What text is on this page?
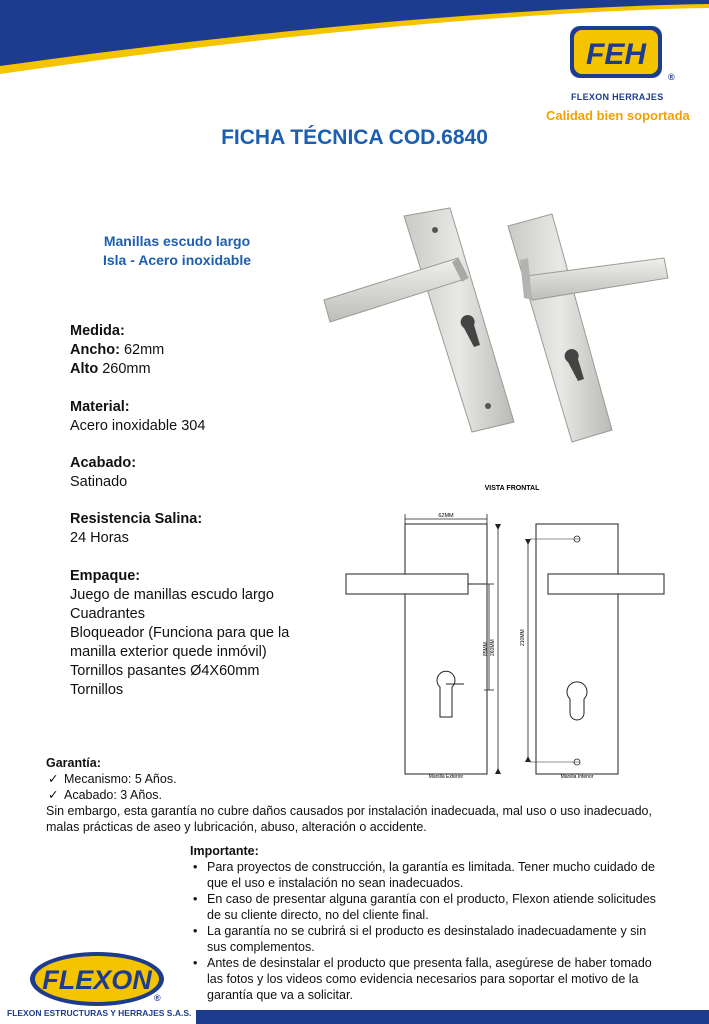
FEH
®
FLEXON HERRAJES
Calidad bien soportada
FICHA TÉCNICA COD.6840
Manillas escudo largo
Isla - Acero inoxidable
Medida:
Ancho: 62mm
Alto 260mm
Material:
Acero inoxidable 304
Acabado:
Satinado
Resistencia Salina:
24 Horas
Empaque:
Juego de manillas escudo largo
Cuadrantes
Bloqueador (Funciona para que la
manilla exterior quede inmóvil)
Tornillos pasantes Ø4X60mm
Tornillos
VISTA FRONTAL
62MM
85MM 260MM
Manilla Exterior
210MM
Manilla Interior
Garantía:
✓ Mecanismo: 5 Años.
✓ Acabado: 3 Años.
Sin embargo, esta garantía no cubre daños causados por instalación inadecuada, mal uso o uso inadecuado,
malas prácticas de aseo y lubricación, abuso, alteración o accidente.
Importante:
• Para proyectos de construcción, la garantía es limitada. Tener mucho cuidado de
que el uso e instalación no sean inadecuados.
• En caso de presentar alguna garantía con el producto, Flexon atiende solicitudes
de su cliente directo, no del cliente final.
• La garantía no se cubrirá si el producto es desinstalado inadecuadamente y sin
sus complementos.
• Antes de desinstalar el producto que presenta falla, asegúrese de haber tomado
las fotos y los videos como evidencia necesarios para soportar el motivo de la
garantía que va a solicitar.
FLEXON
®
FLEXON ESTRUCTURAS Y HERRAJES S.A.S.
